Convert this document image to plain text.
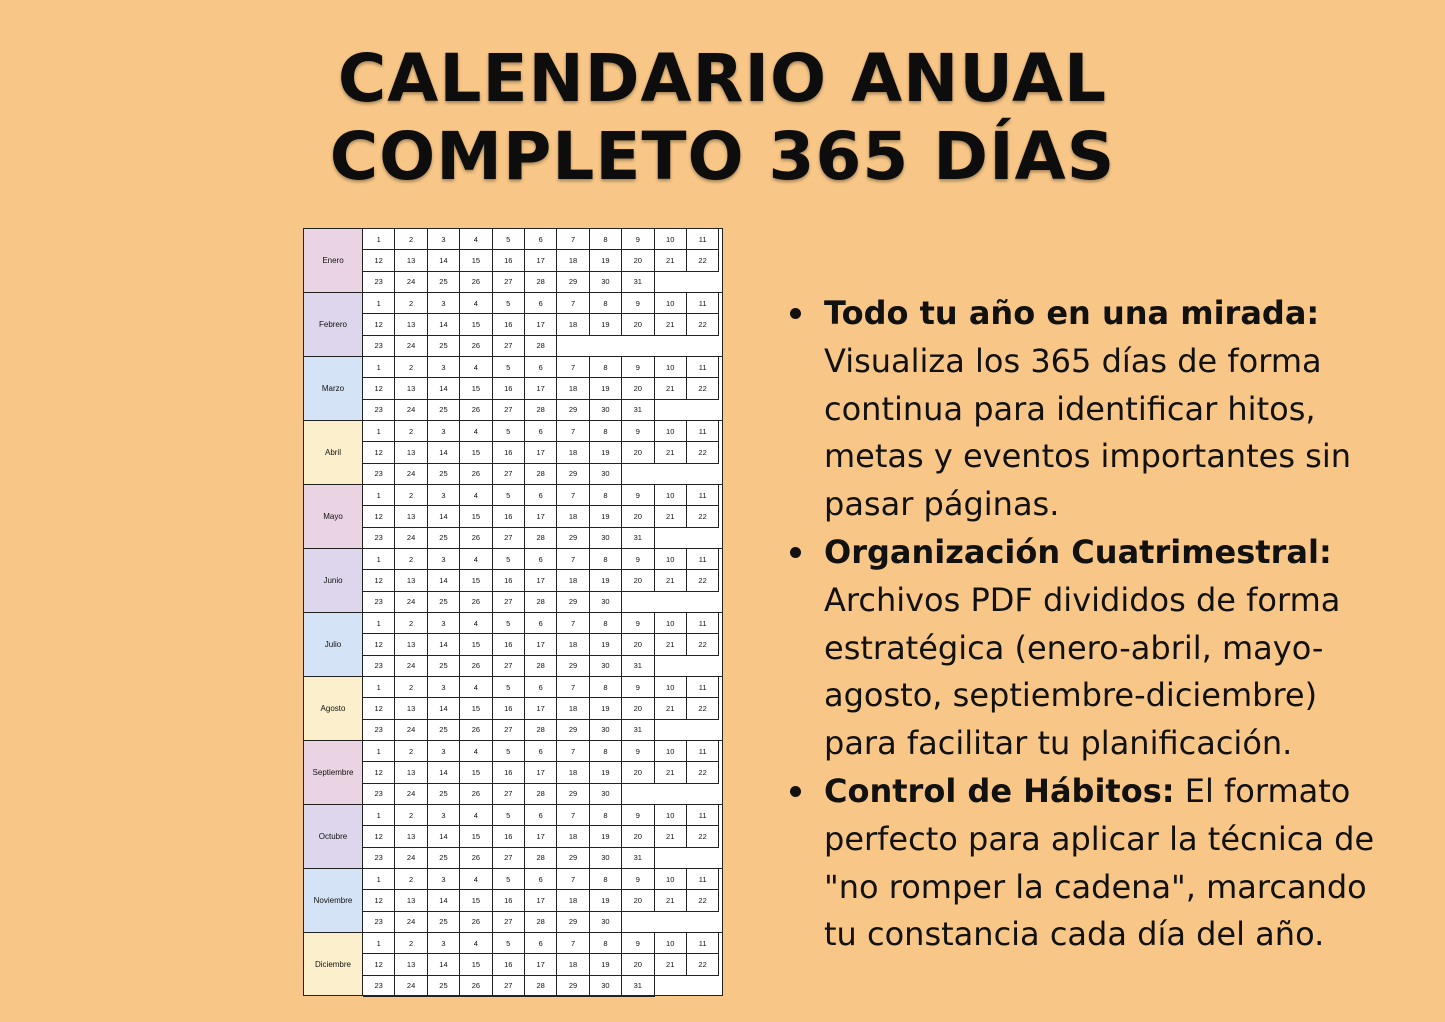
CALENDARIO ANUAL
COMPLETO 365 DÍAS
Enero
1	2	3	4	5	6	7	8	9	10	11
12	13	14	15	16	17	18	19	20	21	22
23	24	25	26	27	28	29	30	31
Febrero
1	2	3	4	5	6	7	8	9	10	11
12	13	14	15	16	17	18	19	20	21	22
23	24	25	26	27	28
Marzo
1	2	3	4	5	6	7	8	9	10	11
12	13	14	15	16	17	18	19	20	21	22
23	24	25	26	27	28	29	30	31
Abril
1	2	3	4	5	6	7	8	9	10	11
12	13	14	15	16	17	18	19	20	21	22
23	24	25	26	27	28	29	30
Mayo
1	2	3	4	5	6	7	8	9	10	11
12	13	14	15	16	17	18	19	20	21	22
23	24	25	26	27	28	29	30	31
Junio
1	2	3	4	5	6	7	8	9	10	11
12	13	14	15	16	17	18	19	20	21	22
23	24	25	26	27	28	29	30
Julio
1	2	3	4	5	6	7	8	9	10	11
12	13	14	15	16	17	18	19	20	21	22
23	24	25	26	27	28	29	30	31
Agosto
1	2	3	4	5	6	7	8	9	10	11
12	13	14	15	16	17	18	19	20	21	22
23	24	25	26	27	28	29	30	31
Septiembre
1	2	3	4	5	6	7	8	9	10	11
12	13	14	15	16	17	18	19	20	21	22
23	24	25	26	27	28	29	30
Octubre
1	2	3	4	5	6	7	8	9	10	11
12	13	14	15	16	17	18	19	20	21	22
23	24	25	26	27	28	29	30	31
Noviembre
1	2	3	4	5	6	7	8	9	10	11
12	13	14	15	16	17	18	19	20	21	22
23	24	25	26	27	28	29	30
Diciembre
1	2	3	4	5	6	7	8	9	10	11
12	13	14	15	16	17	18	19	20	21	22
23	24	25	26	27	28	29	30	31
Todo tu año en una mirada: Visualiza los 365 días de forma continua para identificar hitos, metas y eventos importantes sin pasar páginas.
Organización Cuatrimestral: Archivos PDF divididos de forma estratégica (enero-abril, mayo-agosto, septiembre-diciembre) para facilitar tu planificación.
Control de Hábitos: El formato perfecto para aplicar la técnica de "no romper la cadena", marcando tu constancia cada día del año.
